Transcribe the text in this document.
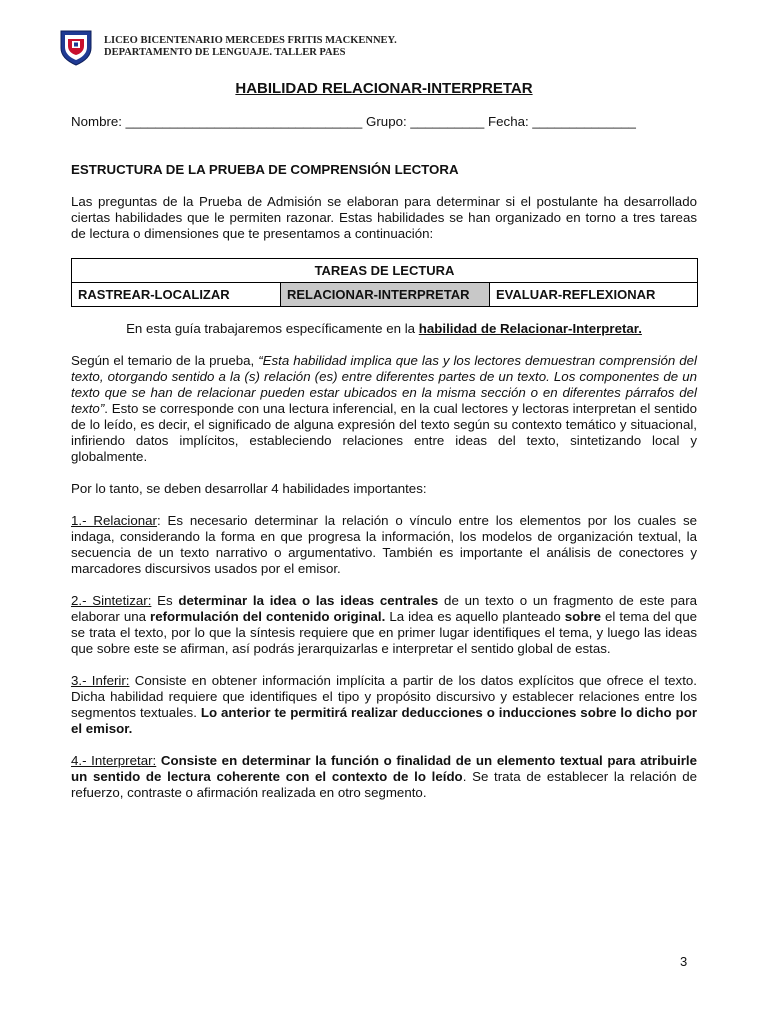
LICEO BICENTENARIO MERCEDES FRITIS MACKENNEY.
DEPARTAMENTO DE LENGUAJE. TALLER PAES
HABILIDAD RELACIONAR-INTERPRETAR

Nombre: ________________________________ Grupo: __________ Fecha: ______________

ESTRUCTURA DE LA PRUEBA DE COMPRENSIÓN LECTORA

Las preguntas de la Prueba de Admisión se elaboran para determinar si el postulante ha desarrollado ciertas habilidades que le permiten razonar. Estas habilidades se han organizado en torno a tres tareas de lectura o dimensiones que te presentamos a continuación:

TAREAS DE LECTURA
RASTREAR-LOCALIZAR	RELACIONAR-INTERPRETAR	EVALUAR-REFLEXIONAR

En esta guía trabajaremos específicamente en la habilidad de Relacionar-Interpretar.

Según el temario de la prueba, “Esta habilidad implica que las y los lectores demuestran comprensión del texto, otorgando sentido a la (s) relación (es) entre diferentes partes de un texto. Los componentes de un texto que se han de relacionar pueden estar ubicados en la misma sección o en diferentes párrafos del texto”. Esto se corresponde con una lectura inferencial, en la cual lectores y lectoras interpretan el sentido de lo leído, es decir, el significado de alguna expresión del texto según su contexto temático y situacional, infiriendo datos implícitos, estableciendo relaciones entre ideas del texto, sintetizando local y globalmente.

Por lo tanto, se deben desarrollar 4 habilidades importantes:

1.- Relacionar: Es necesario determinar la relación o vínculo entre los elementos por los cuales se indaga, considerando la forma en que progresa la información, los modelos de organización textual, la secuencia de un texto narrativo o argumentativo. También es importante el análisis de conectores y marcadores discursivos usados por el emisor.

2.- Sintetizar: Es determinar la idea o las ideas centrales de un texto o un fragmento de este para elaborar una reformulación del contenido original. La idea es aquello planteado sobre el tema del que se trata el texto, por lo que la síntesis requiere que en primer lugar identifiques el tema, y luego las ideas que sobre este se afirman, así podrás jerarquizarlas e interpretar el sentido global de estas.

3.- Inferir: Consiste en obtener información implícita a partir de los datos explícitos que ofrece el texto. Dicha habilidad requiere que identifiques el tipo y propósito discursivo y establecer relaciones entre los segmentos textuales. Lo anterior te permitirá realizar deducciones o inducciones sobre lo dicho por el emisor.

4.- Interpretar: Consiste en determinar la función o finalidad de un elemento textual para atribuirle un sentido de lectura coherente con el contexto de lo leído. Se trata de establecer la relación de refuerzo, contraste o afirmación realizada en otro segmento.

3
